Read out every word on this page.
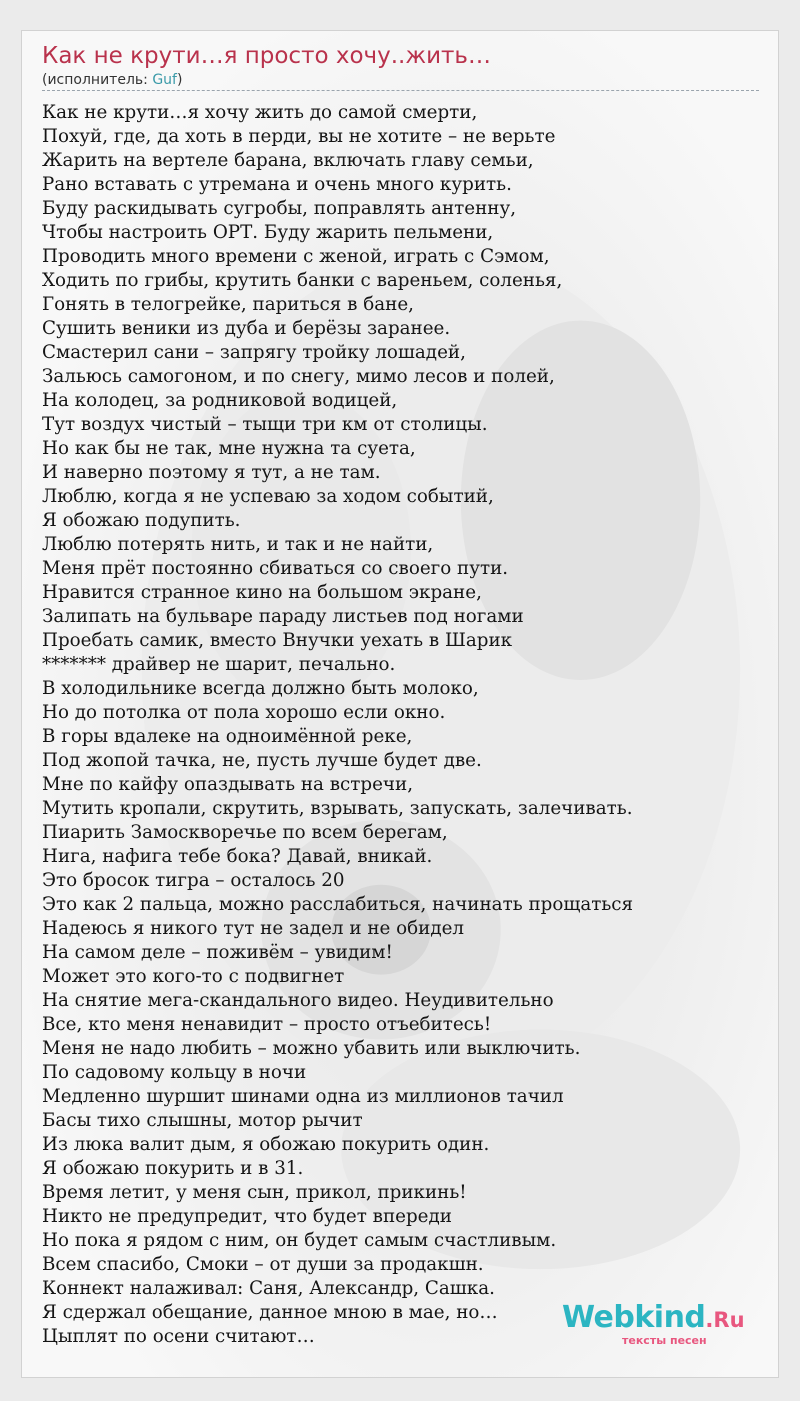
Как не крути…я просто хочу..жить…
(исполнитель: Guf)
Как не крути…я хочу жить до самой смерти,
Похуй, где, да хоть в перди, вы не хотите – не верьте
Жарить на вертеле барана, включать главу семьи,
Рано вставать с утремана и очень много курить.
Буду раскидывать сугробы, поправлять антенну,
Чтобы настроить ОРТ. Буду жарить пельмени,
Проводить много времени с женой, играть с Сэмом,
Ходить по грибы, крутить банки с вареньем, соленья,
Гонять в телогрейке, париться в бане,
Сушить веники из дуба и берёзы заранее.
Смастерил сани – запрягу тройку лошадей,
Зальюсь самогоном, и по снегу, мимо лесов и полей,
На колодец, за родниковой водицей,
Тут воздух чистый – тыщи три км от столицы.
Но как бы не так, мне нужна та суета,
И наверно поэтому я тут, а не там.
Люблю, когда я не успеваю за ходом событий,
Я обожаю подупить.
Люблю потерять нить, и так и не найти,
Меня прёт постоянно сбиваться со своего пути.
Нравится странное кино на большом экране,
Залипать на бульваре параду листьев под ногами
Проебать самик, вместо Внучки уехать в Шарик
******* драйвер не шарит, печально.
В холодильнике всегда должно быть молоко,
Но до потолка от пола хорошо если окно.
В горы вдалеке на одноимённой реке,
Под жопой тачка, не, пусть лучше будет две.
Мне по кайфу опаздывать на встречи,
Мутить кропали, скрутить, взрывать, запускать, залечивать.
Пиарить Замоскворечье по всем берегам,
Нига, нафига тебе бока? Давай, вникай.
Это бросок тигра – осталось 20
Это как 2 пальца, можно расслабиться, начинать прощаться
Надеюсь я никого тут не задел и не обидел
На самом деле – поживём – увидим!
Может это кого-то с подвигнет
На снятие мега-скандального видео. Неудивительно
Все, кто меня ненавидит – просто отъебитесь!
Меня не надо любить – можно убавить или выключить.
По садовому кольцу в ночи
Медленно шуршит шинами одна из миллионов тачил
Басы тихо слышны, мотор рычит
Из люка валит дым, я обожаю покурить один.
Я обожаю покурить и в 31.
Время летит, у меня сын, прикол, прикинь!
Никто не предупредит, что будет впереди
Но пока я рядом с ним, он будет самым счастливым.
Всем спасибо, Смоки – от души за продакшн.
Коннект налаживал: Саня, Александр, Сашка.
Я сдержал обещание, данное мною в мае, но…
Цыплят по осени считают…
Webkind.Ru
тексты песен
